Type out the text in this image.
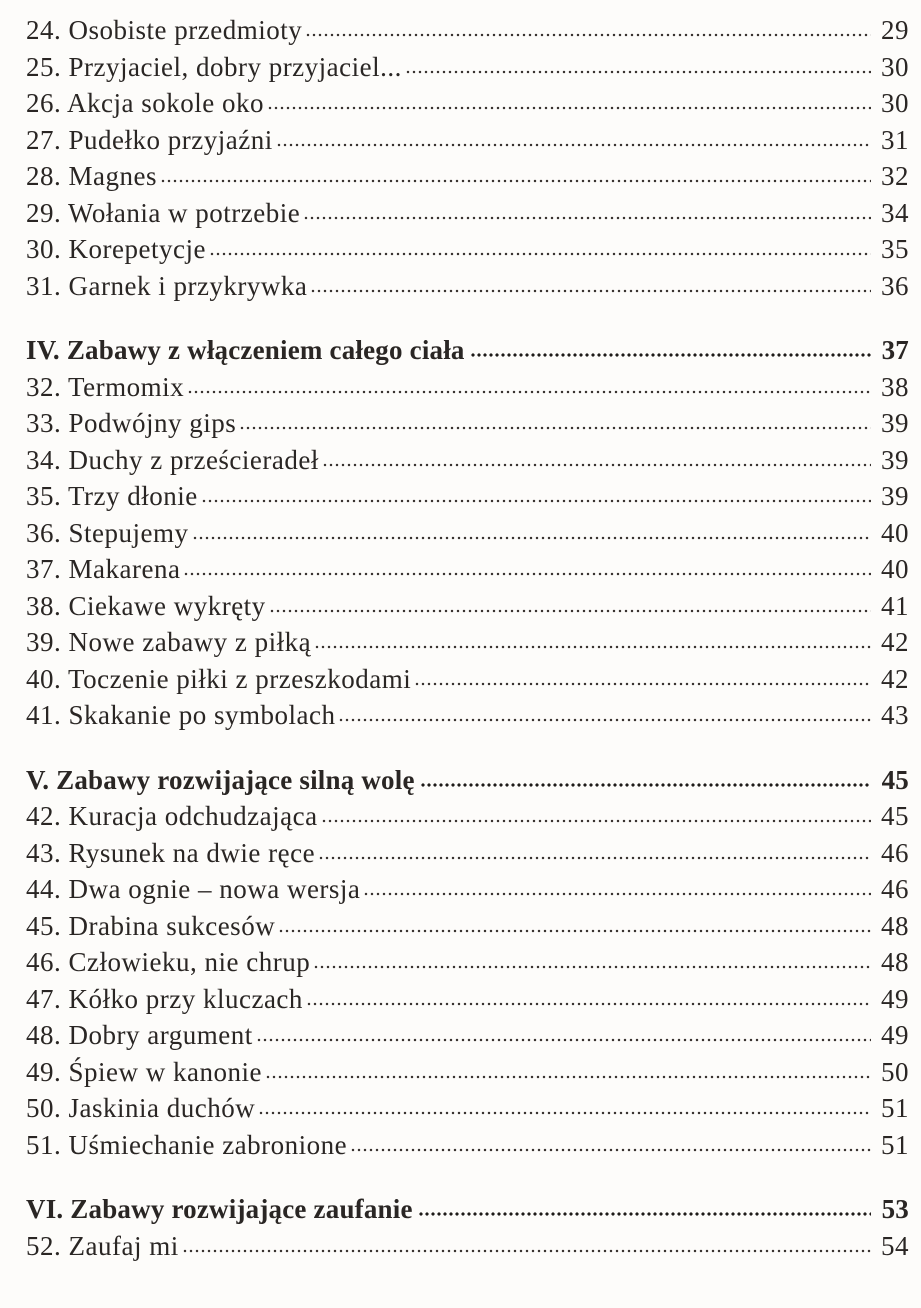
24. Osobiste przedmioty	29
25. Przyjaciel, dobry przyjaciel...	30
26. Akcja sokole oko	30
27. Pudełko przyjaźni	31
28. Magnes	32
29. Wołania w potrzebie	34
30. Korepetycje	35
31. Garnek i przykrywka	36
IV. Zabawy z włączeniem całego ciała	37
32. Termomix	38
33. Podwójny gips	39
34. Duchy z prześcieradeł	39
35. Trzy dłonie	39
36. Stepujemy	40
37. Makarena	40
38. Ciekawe wykręty	41
39. Nowe zabawy z piłką	42
40. Toczenie piłki z przeszkodami	42
41. Skakanie po symbolach	43
V. Zabawy rozwijające silną wolę	45
42. Kuracja odchudzająca	45
43. Rysunek na dwie ręce	46
44. Dwa ognie – nowa wersja	46
45. Drabina sukcesów	48
46. Człowieku, nie chrup	48
47. Kółko przy kluczach	49
48. Dobry argument	49
49. Śpiew w kanonie	50
50. Jaskinia duchów	51
51. Uśmiechanie zabronione	51
VI. Zabawy rozwijające zaufanie	53
52. Zaufaj mi	54
